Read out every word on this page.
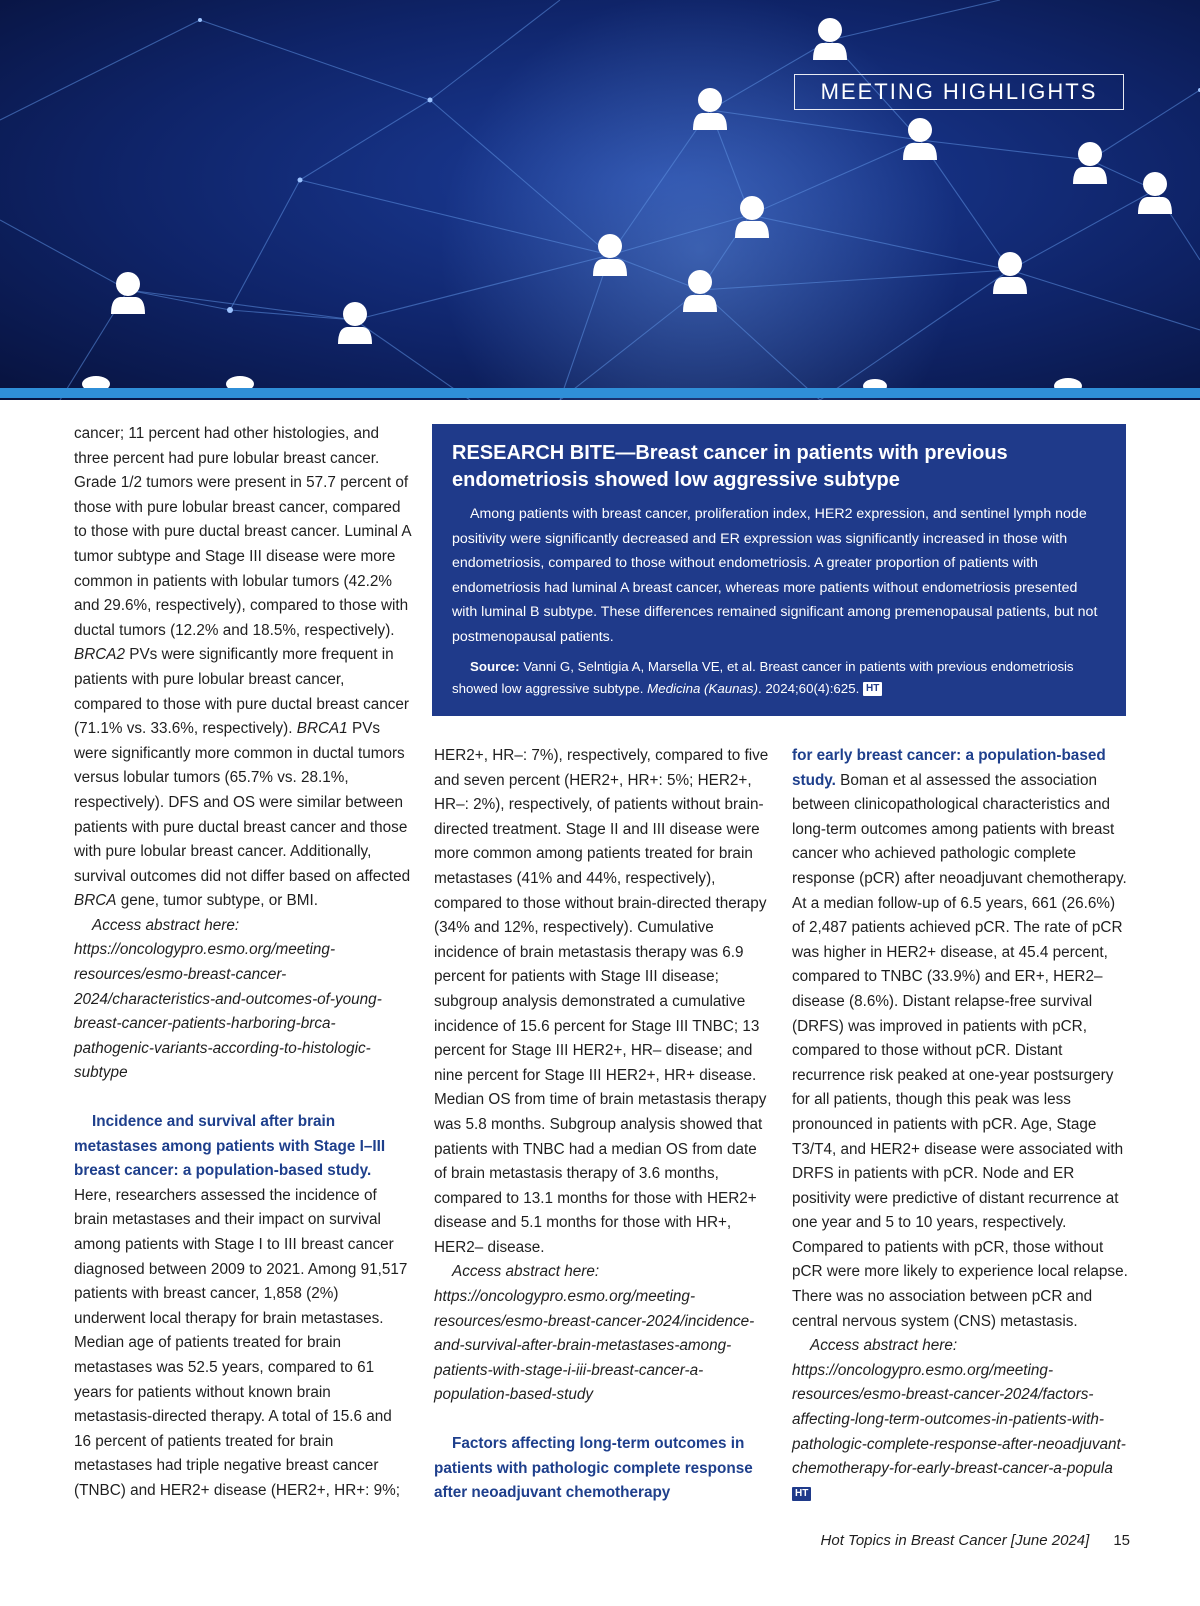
MEETING HIGHLIGHTS

cancer; 11 percent had other histologies, and three percent had pure lobular breast cancer. Grade 1/2 tumors were present in 57.7 percent of those with pure lobular breast cancer, compared to those with pure ductal breast cancer. Luminal A tumor subtype and Stage III disease were more common in patients with lobular tumors (42.2% and 29.6%, respectively), compared to those with ductal tumors (12.2% and 18.5%, respectively). BRCA2 PVs were significantly more frequent in patients with pure lobular breast cancer, compared to those with pure ductal breast cancer (71.1% vs. 33.6%, respectively). BRCA1 PVs were significantly more common in ductal tumors versus lobular tumors (65.7% vs. 28.1%, respectively). DFS and OS were similar between patients with pure ductal breast cancer and those with pure lobular breast cancer. Additionally, survival outcomes did not differ based on affected BRCA gene, tumor subtype, or BMI.

Access abstract here: https://oncologypro.esmo.org/meeting-resources/esmo-breast-cancer-2024/characteristics-and-outcomes-of-young-breast-cancer-patients-harboring-brca-pathogenic-variants-according-to-histologic-subtype

Incidence and survival after brain metastases among patients with Stage I–III breast cancer: a population-based study. Here, researchers assessed the incidence of brain metastases and their impact on survival among patients with Stage I to III breast cancer diagnosed between 2009 to 2021. Among 91,517 patients with breast cancer, 1,858 (2%) underwent local therapy for brain metastases. Median age of patients treated for brain metastases was 52.5 years, compared to 61 years for patients without known brain metastasis-directed therapy. A total of 15.6 and 16 percent of patients treated for brain metastases had triple negative breast cancer (TNBC) and HER2+ disease (HER2+, HR+: 9%;

RESEARCH BITE—Breast cancer in patients with previous endometriosis showed low aggressive subtype

Among patients with breast cancer, proliferation index, HER2 expression, and sentinel lymph node positivity were significantly decreased and ER expression was significantly increased in those with endometriosis, compared to those without endometriosis. A greater proportion of patients with endometriosis had luminal A breast cancer, whereas more patients without endometriosis presented with luminal B subtype. These differences remained significant among premenopausal patients, but not postmenopausal patients.

Source: Vanni G, Selntigia A, Marsella VE, et al. Breast cancer in patients with previous endometriosis showed low aggressive subtype. Medicina (Kaunas). 2024;60(4):625. HT

HER2+, HR–: 7%), respectively, compared to five and seven percent (HER2+, HR+: 5%; HER2+, HR–: 2%), respectively, of patients without brain-directed treatment. Stage II and III disease were more common among patients treated for brain metastases (41% and 44%, respectively), compared to those without brain-directed therapy (34% and 12%, respectively). Cumulative incidence of brain metastasis therapy was 6.9 percent for patients with Stage III disease; subgroup analysis demonstrated a cumulative incidence of 15.6 percent for Stage III TNBC; 13 percent for Stage III HER2+, HR– disease; and nine percent for Stage III HER2+, HR+ disease. Median OS from time of brain metastasis therapy was 5.8 months. Subgroup analysis showed that patients with TNBC had a median OS from date of brain metastasis therapy of 3.6 months, compared to 13.1 months for those with HER2+ disease and 5.1 months for those with HR+, HER2– disease.

Access abstract here: https://oncologypro.esmo.org/meeting-resources/esmo-breast-cancer-2024/incidence-and-survival-after-brain-metastases-among-patients-with-stage-i-iii-breast-cancer-a-population-based-study

Factors affecting long-term outcomes in patients with pathologic complete response after neoadjuvant chemotherapy

for early breast cancer: a population-based study. Boman et al assessed the association between clinicopathological characteristics and long-term outcomes among patients with breast cancer who achieved pathologic complete response (pCR) after neoadjuvant chemotherapy. At a median follow-up of 6.5 years, 661 (26.6%) of 2,487 patients achieved pCR. The rate of pCR was higher in HER2+ disease, at 45.4 percent, compared to TNBC (33.9%) and ER+, HER2– disease (8.6%). Distant relapse-free survival (DRFS) was improved in patients with pCR, compared to those without pCR. Distant recurrence risk peaked at one-year postsurgery for all patients, though this peak was less pronounced in patients with pCR. Age, Stage T3/T4, and HER2+ disease were associated with DRFS in patients with pCR. Node and ER positivity were predictive of distant recurrence at one year and 5 to 10 years, respectively. Compared to patients with pCR, those without pCR were more likely to experience local relapse. There was no association between pCR and central nervous system (CNS) metastasis.

Access abstract here: https://oncologypro.esmo.org/meeting-resources/esmo-breast-cancer-2024/factors-affecting-long-term-outcomes-in-patients-with-pathologic-complete-response-after-neoadjuvant-chemotherapy-for-early-breast-cancer-a-popula HT

Hot Topics in Breast Cancer [June 2024] 15
